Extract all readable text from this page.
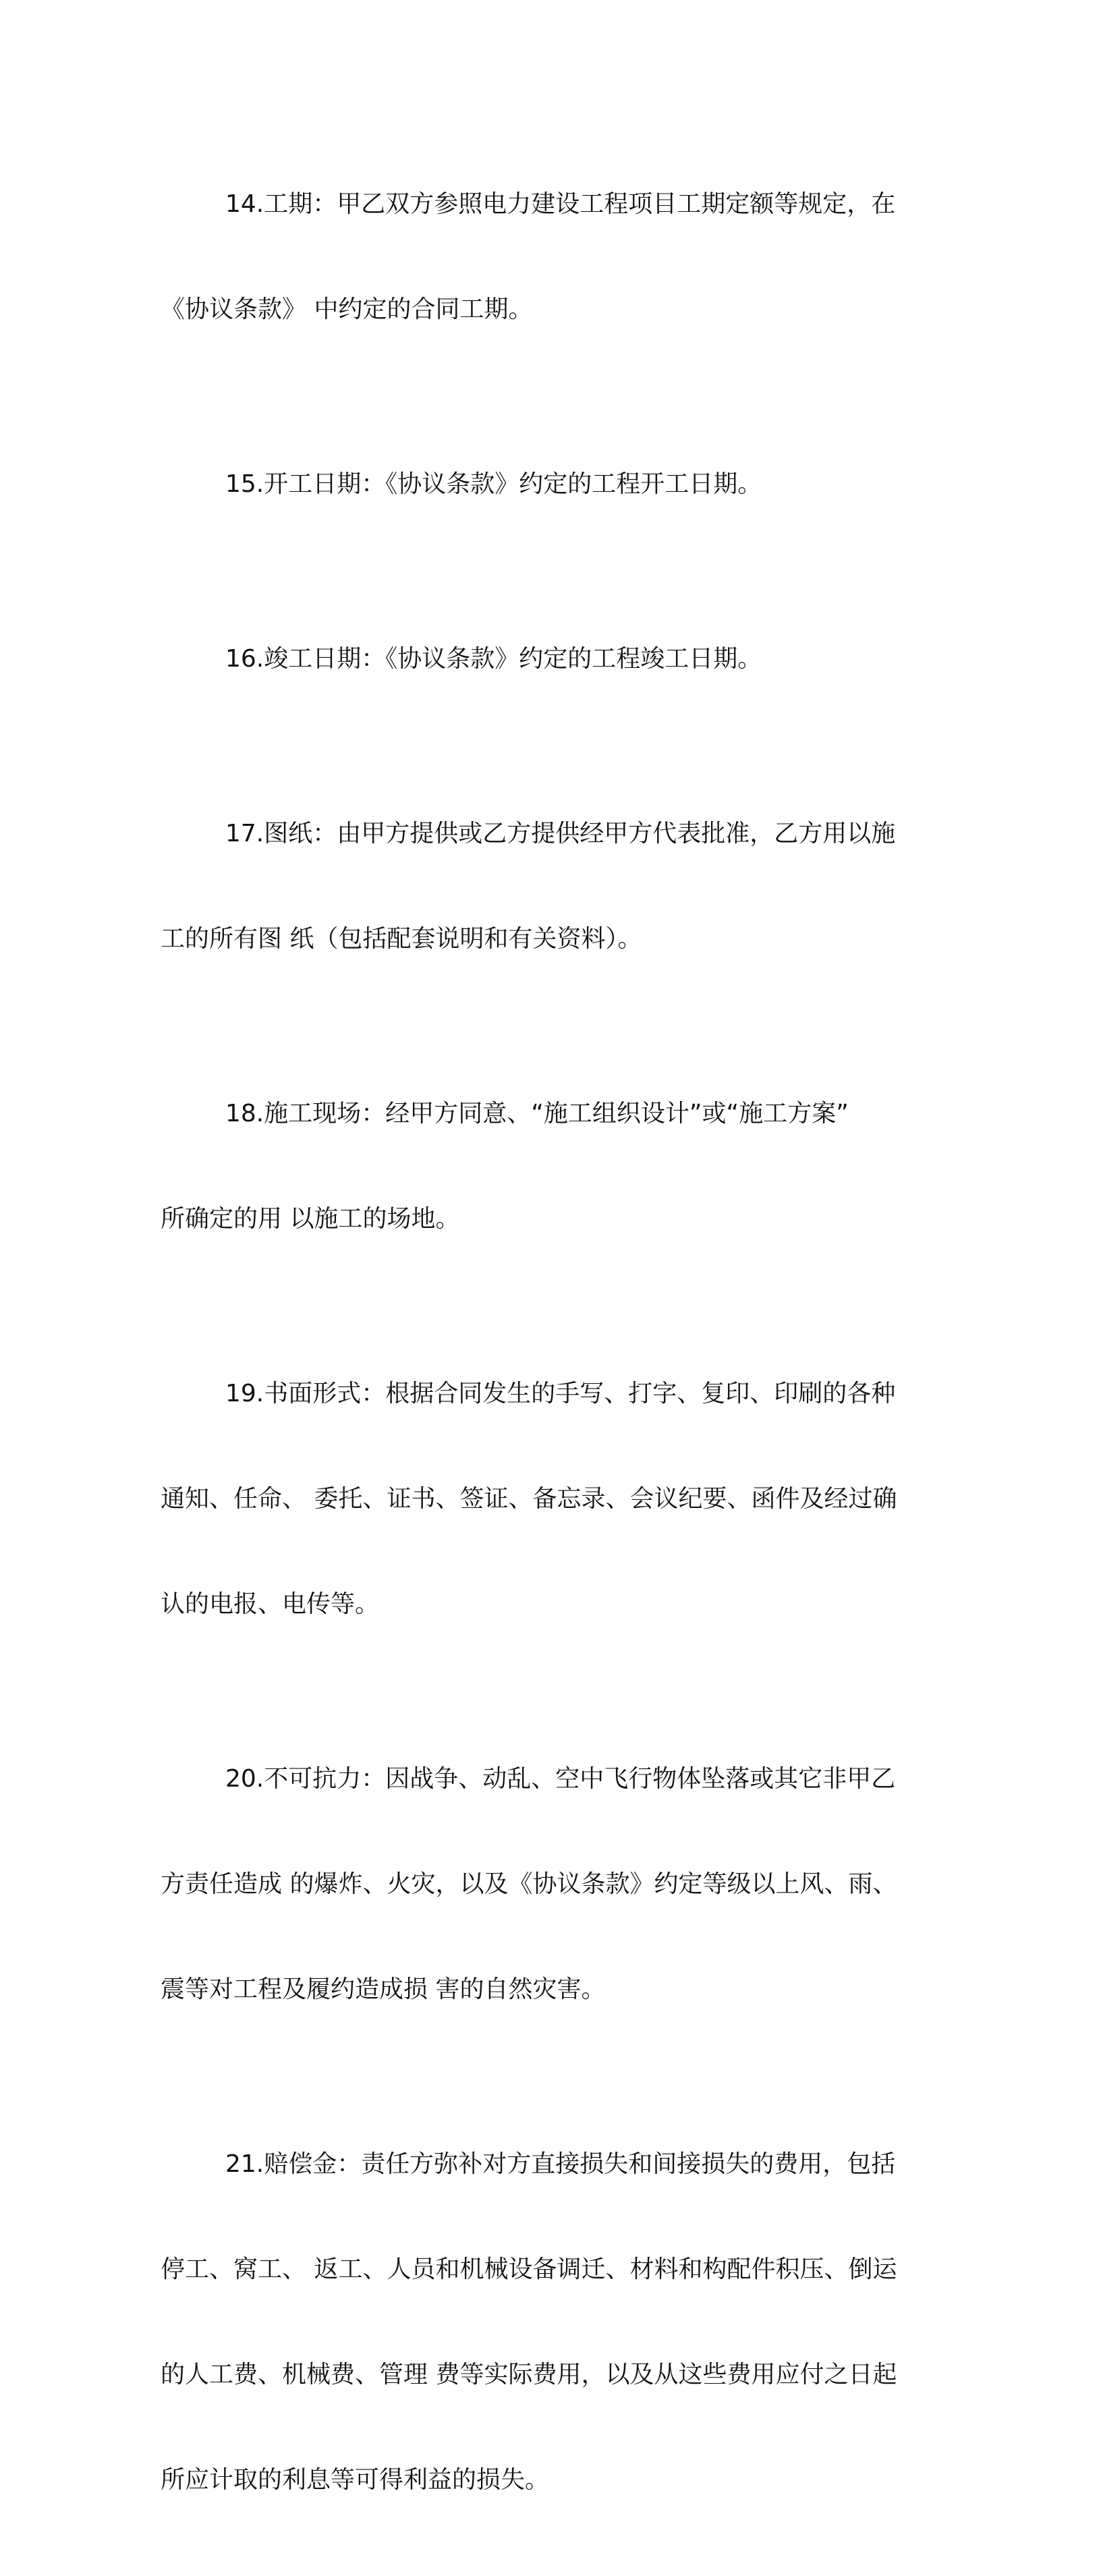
14.工期：甲乙双方参照电力建设工程项目工期定额等规定，在

《协议条款》 中约定的合同工期。

15.开工日期：《协议条款》约定的工程开工日期。

16.竣工日期：《协议条款》约定的工程竣工日期。

17.图纸：由甲方提供或乙方提供经甲方代表批准，乙方用以施

工的所有图 纸（包括配套说明和有关资料）。

18.施工现场：经甲方同意、“施工组织设计”或“施工方案”

所确定的用 以施工的场地。

19.书面形式：根据合同发生的手写、打字、复印、印刷的各种

通知、任命、 委托、证书、签证、备忘录、会议纪要、函件及经过确

认的电报、电传等。

20.不可抗力：因战争、动乱、空中飞行物体坠落或其它非甲乙

方责任造成 的爆炸、火灾，以及《协议条款》约定等级以上风、雨、

震等对工程及履约造成损 害的自然灾害。

21.赔偿金：责任方弥补对方直接损失和间接损失的费用，包括

停工、窝工、 返工、人员和机械设备调迁、材料和构配件积压、倒运

的人工费、机械费、管理 费等实际费用，以及从这些费用应付之日起

所应计取的利息等可得利益的损失。
